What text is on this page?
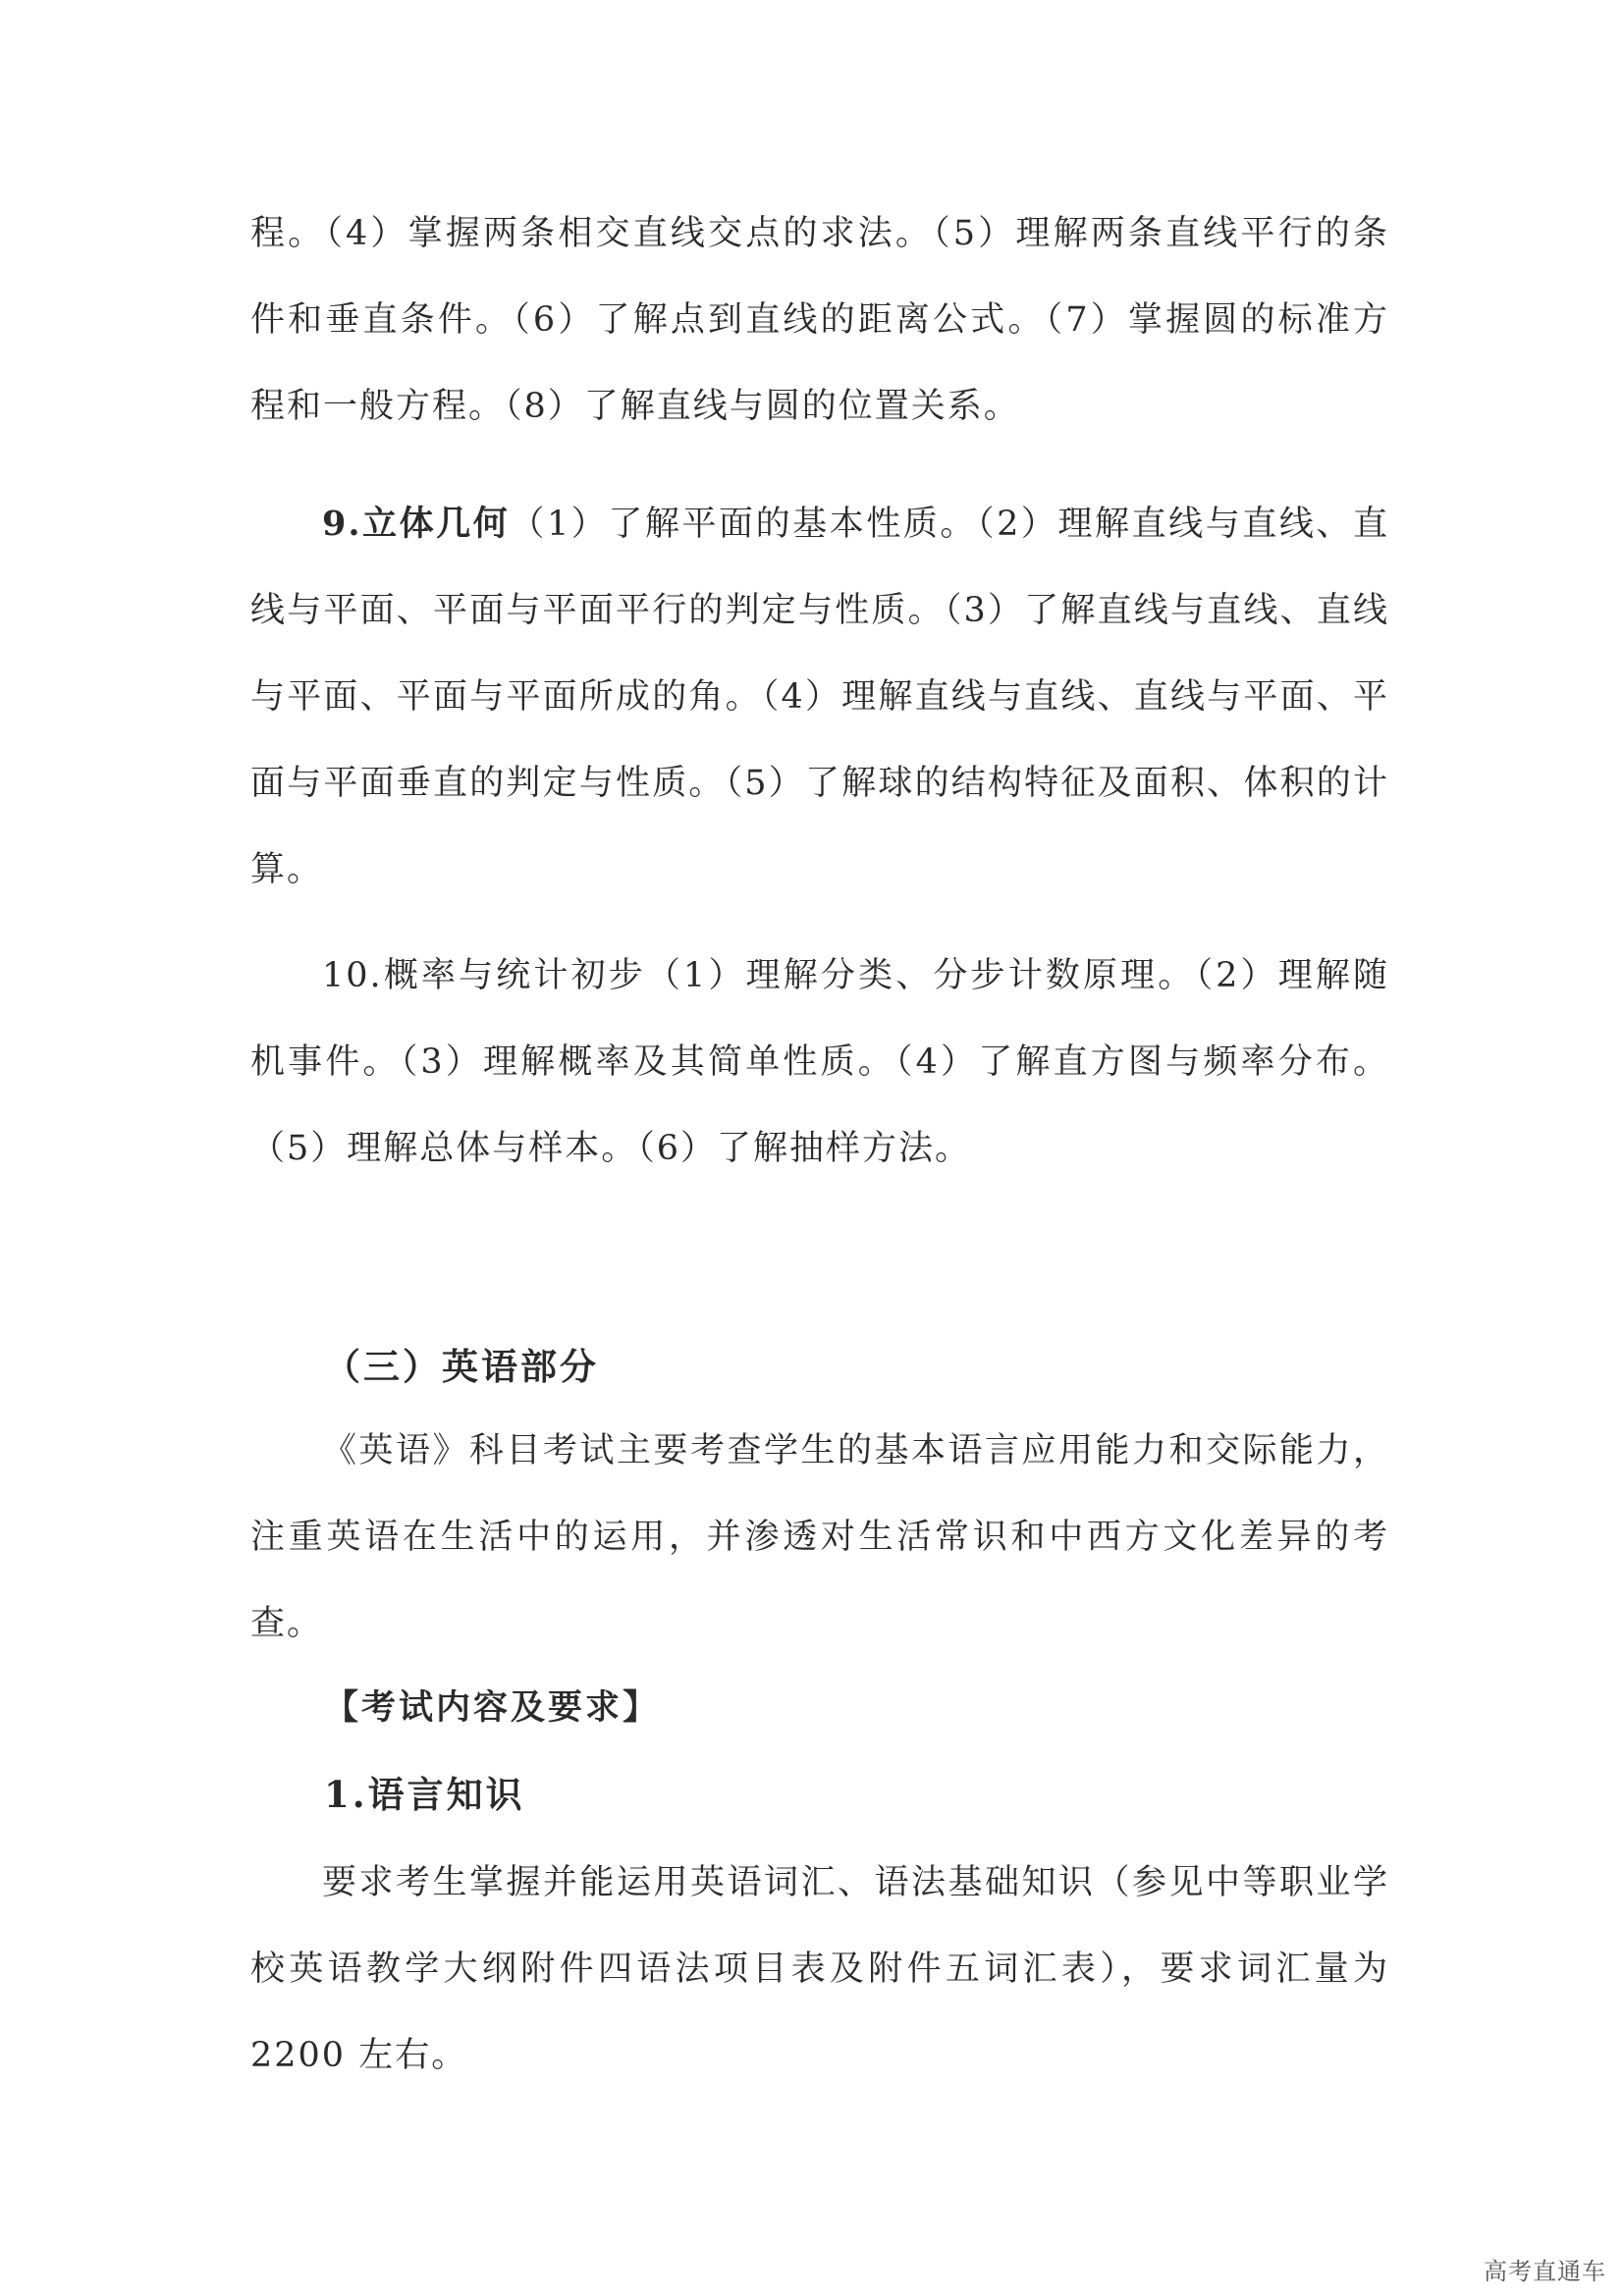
程。（4）掌握两条相交直线交点的求法。（5）理解两条直线平行的条件和垂直条件。（6）了解点到直线的距离公式。（7）掌握圆的标准方程和一般方程。（8）了解直线与圆的位置关系。

9.立体几何（1）了解平面的基本性质。（2）理解直线与直线、直线与平面、平面与平面平行的判定与性质。（3）了解直线与直线、直线与平面、平面与平面所成的角。（4）理解直线与直线、直线与平面、平面与平面垂直的判定与性质。（5）了解球的结构特征及面积、体积的计算。

10.概率与统计初步（1）理解分类、分步计数原理。（2）理解随机事件。（3）理解概率及其简单性质。（4）了解直方图与频率分布。（5）理解总体与样本。（6）了解抽样方法。

（三）英语部分

《英语》科目考试主要考查学生的基本语言应用能力和交际能力，注重英语在生活中的运用，并渗透对生活常识和中西方文化差异的考查。

【考试内容及要求】
1.语言知识

要求考生掌握并能运用英语词汇、语法基础知识（参见中等职业学校英语教学大纲附件四语法项目表及附件五词汇表），要求词汇量为 2200 左右。

高考直通车
